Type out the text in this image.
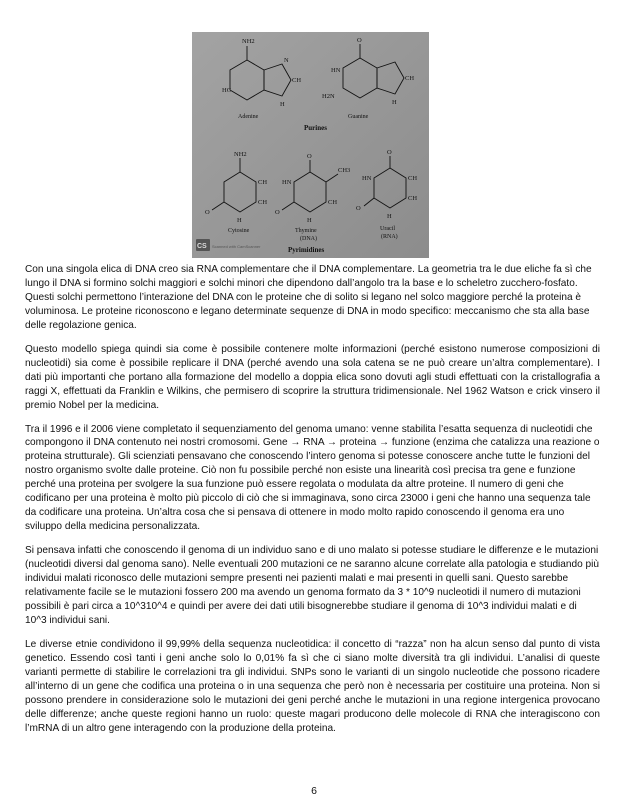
NH2
HC
N
CH
H
Adenine
O
HN
H2N
CH
H
Guanine
Purines
NH2
CH
CH
O
H
Cytosine
O
CH3
HN
CH
O
H
Thymine
(DNA)
O
HN	CH
CH
O
H
Uracil
(RNA)
Pyrimidines
CS Scanned with CamScanner

Con una singola elica di DNA creo sia RNA complementare che il DNA complementare. La geometria tra le due eliche fa sì che lungo il DNA si formino solchi maggiori e solchi minori che dipendono dall’angolo tra la base e lo scheletro zucchero-fosfato. Questi solchi permettono l’interazione del DNA con le proteine che di solito si legano nel solco maggiore perché la proteina è voluminosa. Le proteine riconoscono e legano determinate sequenze di DNA in modo specifico: meccanismo che sta alla base delle regolazione genica.

Questo modello spiega quindi sia come è possibile contenere molte informazioni (perché esistono numerose composizioni di nucleotidi) sia come è possibile replicare il DNA (perché avendo una sola catena se ne può creare un’altra complementare). I dati più importanti che portano alla formazione del modello a doppia elica sono dovuti agli studi effettuati con la cristallografia a raggi X, effettuati da Franklin e Wilkins, che permisero di scoprire la struttura tridimensionale. Nel 1962 Watson e crick vinsero il premio Nobel per la medicina.

Tra il 1996 e il 2006 viene completato il sequenziamento del genoma umano: venne stabilita l’esatta sequenza di nucleotidi che compongono il DNA contenuto nei nostri cromosomi. Gene → RNA → proteina → funzione (enzima che catalizza una reazione o proteina strutturale). Gli scienziati pensavano che conoscendo l’intero genoma si potesse conoscere anche tutte le funzioni del nostro organismo svolte dalle proteine. Ciò non fu possibile perché non esiste una linearità così precisa tra gene e funzione perché una proteina per svolgere la sua funzione può essere regolata o modulata da altre proteine. Il numero di geni che codificano per una proteina è molto più piccolo di ciò che si immaginava, sono circa 23000 i geni che hanno una sequenza tale da codificare una proteina. Un’altra cosa che si pensava di ottenere in modo molto rapido conoscendo il genoma era uno sviluppo della medicina personalizzata.

Si pensava infatti che conoscendo il genoma di un individuo sano e di uno malato si potesse studiare le differenze e le mutazioni (nucleotidi diversi dal genoma sano). Nelle eventuali 200 mutazioni ce ne saranno alcune correlate alla patologia e studiando più individui malati riconosco delle mutazioni sempre presenti nei pazienti malati e mai presenti in quelli sani. Questo sarebbe relativamente facile se le mutazioni fossero 200 ma avendo un genoma formato da 3 * 10^9 nucleotidi il numero di mutazioni possibili è pari circa a 10^310^4 e quindi per avere dei dati utili bisognerebbe studiare il genoma di 10^3 individui malati e di 10^3 individui sani.

Le diverse etnie condividono il 99,99% della sequenza nucleotidica: il concetto di “razza” non ha alcun senso dal punto di vista genetico. Essendo così tanti i geni anche solo lo 0,01% fa sì che ci siano molte diversità tra gli individui. L’analisi di queste varianti permette di stabilire le correlazioni tra gli individui. SNPs sono le varianti di un singolo nucleotide che possono ricadere all’interno di un gene che codifica una proteina o in una sequenza che però non è necessaria per costituire una proteina. Non si possono prendere in considerazione solo le mutazioni dei geni perché anche le mutazioni in una regione intergenica provocano delle differenze; anche queste regioni hanno un ruolo: queste magari producono delle molecole di RNA che interagiscono con l’mRNA di un altro gene interagendo con la produzione della proteina.

6
